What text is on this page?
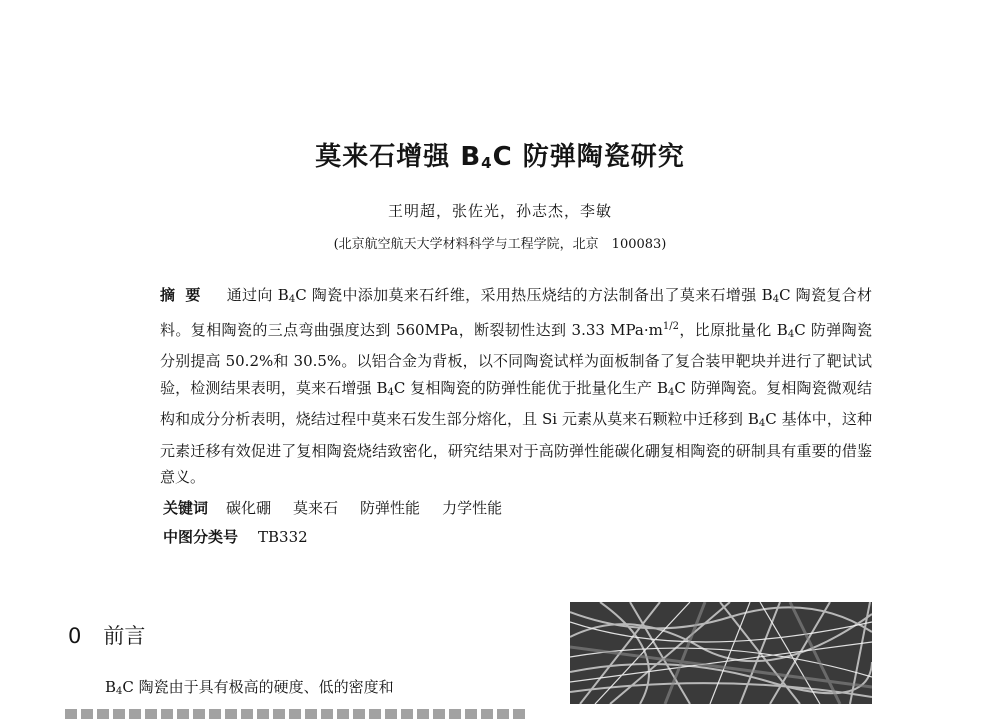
莫来石增强 $B_4C$ 防弹陶瓷研究
王明超，张佐光，孙志杰，李敏
(北京航空航天大学材料科学与工程学院，北京　100083)
摘要 通过向 $B_4C$ 陶瓷中添加莫来石纤维，采用热压烧结的方法制备出了莫来石增强 $B_4C$ 陶瓷复合材料。复相陶瓷的三点弯曲强度达到 560MPa，断裂韧性达到 3.33 $MPa\cdot m^{1/2}$，比原批量化 $B_4C$ 防弹陶瓷分别提高 50.2%和 30.5%。以铝合金为背板，以不同陶瓷试样为面板制备了复合装甲靶块并进行了靶试试验，检测结果表明，莫来石增强 $B_4C$ 复相陶瓷的防弹性能优于批量化生产 $B_4C$ 防弹陶瓷。复相陶瓷微观结构和成分分析表明，烧结过程中莫来石发生部分熔化，且 Si 元素从莫来石颗粒中迁移到 $B_4C$ 基体中，这种元素迁移有效促进了复相陶瓷烧结致密化，研究结果对于高防弹性能碳化硼复相陶瓷的研制具有重要的借鉴意义。
关键词 碳化硼 莫来石 防弹性能 力学性能
中图分类号 TB332
0 前言
$B_4C$ 陶瓷由于具有极高的硬度、低的密度和
